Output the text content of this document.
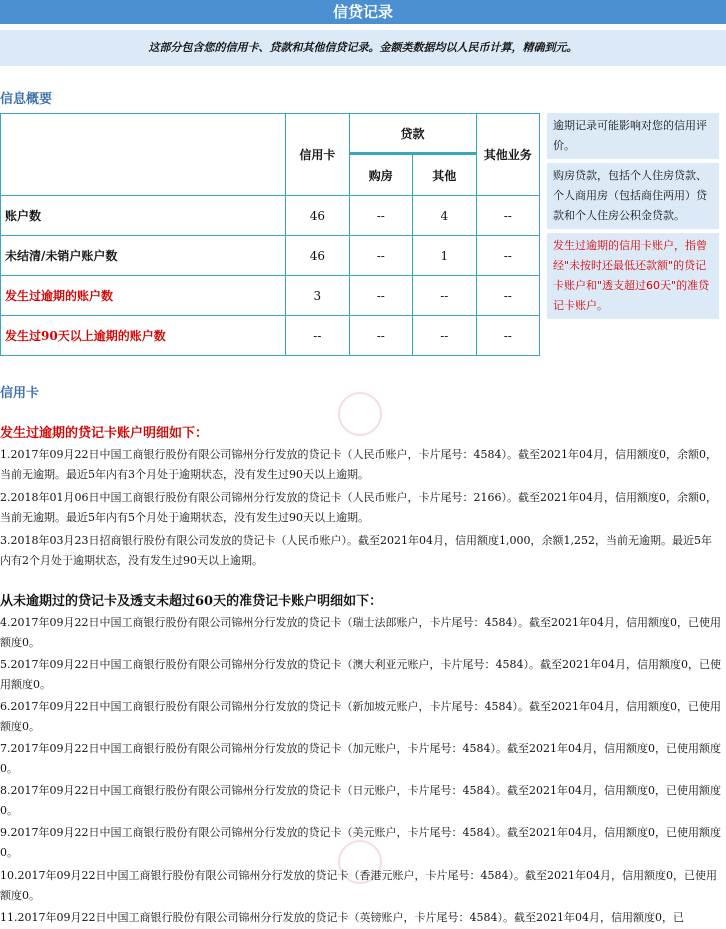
信贷记录
这部分包含您的信用卡、贷款和其他信贷记录。金额类数据均以人民币计算，精确到元。
信息概要
	信用卡	贷款		其他业务
		购房	其他	
账户数	46	--	4	--
未结清/未销户账户数	46	--	1	--
发生过逾期的账户数	3	--	--	--
发生过90天以上逾期的账户数	--	--	--	--
逾期记录可能影响对您的信用评价。
购房贷款，包括个人住房贷款、个人商用房（包括商住两用）贷款和个人住房公积金贷款。
发生过逾期的信用卡账户，指曾经"未按时还最低还款额"的贷记卡账户和"透支超过60天"的准贷记卡账户。
信用卡
发生过逾期的贷记卡账户明细如下：
1.2017年09月22日中国工商银行股份有限公司锦州分行发放的贷记卡（人民币账户，卡片尾号：4584）。截至2021年04月，信用额度0，余额0，当前无逾期。最近5年内有3个月处于逾期状态，没有发生过90天以上逾期。
2.2018年01月06日中国工商银行股份有限公司锦州分行发放的贷记卡（人民币账户，卡片尾号：2166）。截至2021年04月，信用额度0，余额0，当前无逾期。最近5年内有5个月处于逾期状态，没有发生过90天以上逾期。
3.2018年03月23日招商银行股份有限公司发放的贷记卡（人民币账户）。截至2021年04月，信用额度1,000，余额1,252，当前无逾期。最近5年内有2个月处于逾期状态，没有发生过90天以上逾期。
从未逾期过的贷记卡及透支未超过60天的准贷记卡账户明细如下：
4.2017年09月22日中国工商银行股份有限公司锦州分行发放的贷记卡（瑞士法郎账户，卡片尾号：4584）。截至2021年04月，信用额度0，已使用额度0。
5.2017年09月22日中国工商银行股份有限公司锦州分行发放的贷记卡（澳大利亚元账户，卡片尾号：4584）。截至2021年04月，信用额度0，已使用额度0。
6.2017年09月22日中国工商银行股份有限公司锦州分行发放的贷记卡（新加坡元账户，卡片尾号：4584）。截至2021年04月，信用额度0，已使用额度0。
7.2017年09月22日中国工商银行股份有限公司锦州分行发放的贷记卡（加元账户，卡片尾号：4584）。截至2021年04月，信用额度0，已使用额度0。
8.2017年09月22日中国工商银行股份有限公司锦州分行发放的贷记卡（日元账户，卡片尾号：4584）。截至2021年04月，信用额度0，已使用额度0。
9.2017年09月22日中国工商银行股份有限公司锦州分行发放的贷记卡（美元账户，卡片尾号：4584）。截至2021年04月，信用额度0，已使用额度0。
10.2017年09月22日中国工商银行股份有限公司锦州分行发放的贷记卡（香港元账户，卡片尾号：4584）。截至2021年04月，信用额度0，已使用额度0。
11.2017年09月22日中国工商银行股份有限公司锦州分行发放的贷记卡（英镑账户，卡片尾号：4584）。截至2021年04月，信用额度0，已
